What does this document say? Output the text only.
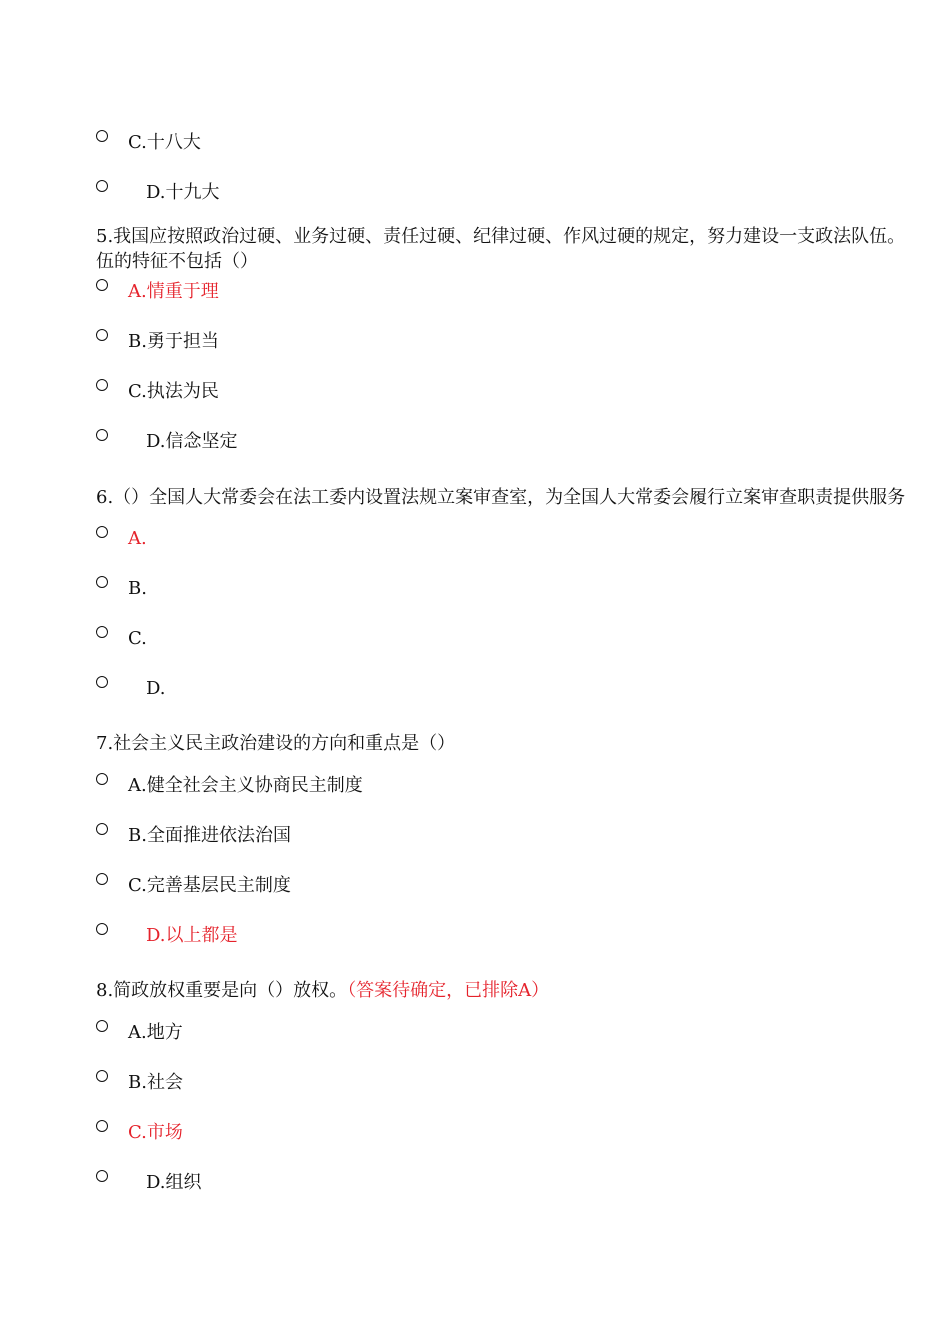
C.十八大
D.十九大
5.我国应按照政治过硬、业务过硬、责任过硬、纪律过硬、作风过硬的规定，努力建设一支政法队伍。
伍的特征不包括（）
A.情重于理
B.勇于担当
C.执法为民
D.信念坚定
6.（）全国人大常委会在法工委内设置法规立案审查室，为全国人大常委会履行立案审查职责提供服务
A.
B.
C.
D.
7.社会主义民主政治建设的方向和重点是（）
A.健全社会主义协商民主制度
B.全面推进依法治国
C.完善基层民主制度
D.以上都是
8.简政放权重要是向（）放权。（答案待确定，已排除A）
A.地方
B.社会
C.市场
D.组织
